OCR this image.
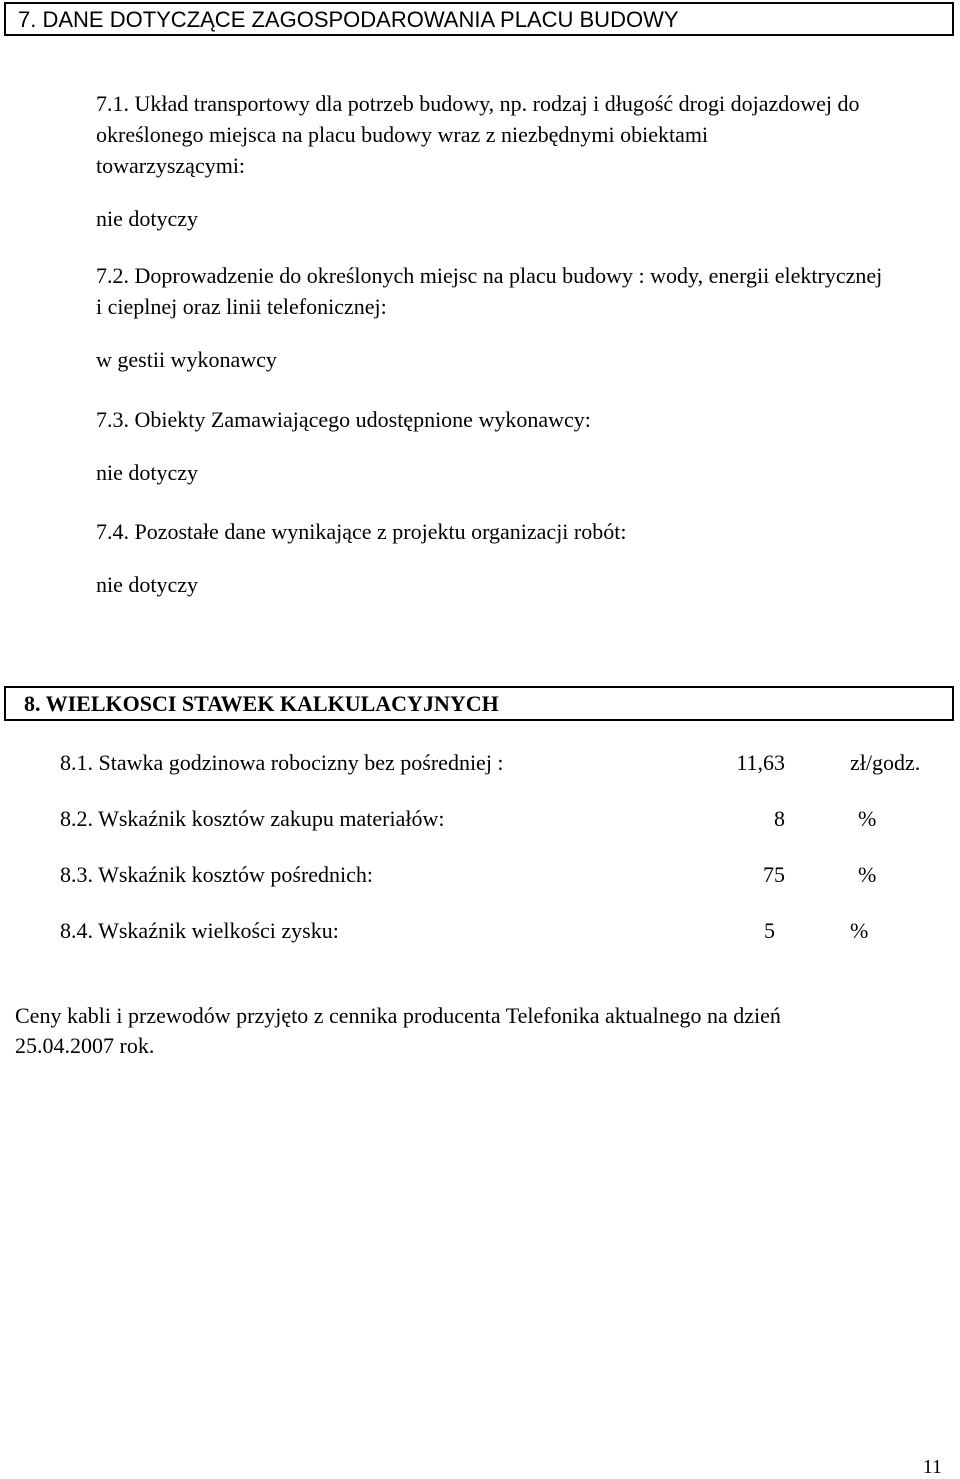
7. DANE DOTYCZĄCE ZAGOSPODAROWANIA PLACU BUDOWY
7.1. Układ transportowy dla potrzeb budowy, np. rodzaj i długość drogi dojazdowej do
określonego miejsca na placu budowy wraz z niezbędnymi obiektami
towarzyszącymi:
nie dotyczy
7.2. Doprowadzenie do określonych miejsc na placu budowy : wody, energii elektrycznej
i cieplnej oraz linii telefonicznej:
w gestii wykonawcy
7.3. Obiekty Zamawiającego udostępnione wykonawcy:
nie dotyczy
7.4. Pozostałe dane wynikające z projektu organizacji robót:
nie dotyczy
8. WIELKOSCI STAWEK KALKULACYJNYCH
8.1. Stawka godzinowa robocizny bez pośredniej :	11,63	zł/godz.
8.2. Wskaźnik kosztów zakupu materiałów:	8	%
8.3. Wskaźnik kosztów pośrednich:	75	%
8.4. Wskaźnik wielkości zysku:	5	%
Ceny kabli i przewodów przyjęto z cennika producenta Telefonika aktualnego na dzień
25.04.2007 rok.
11
